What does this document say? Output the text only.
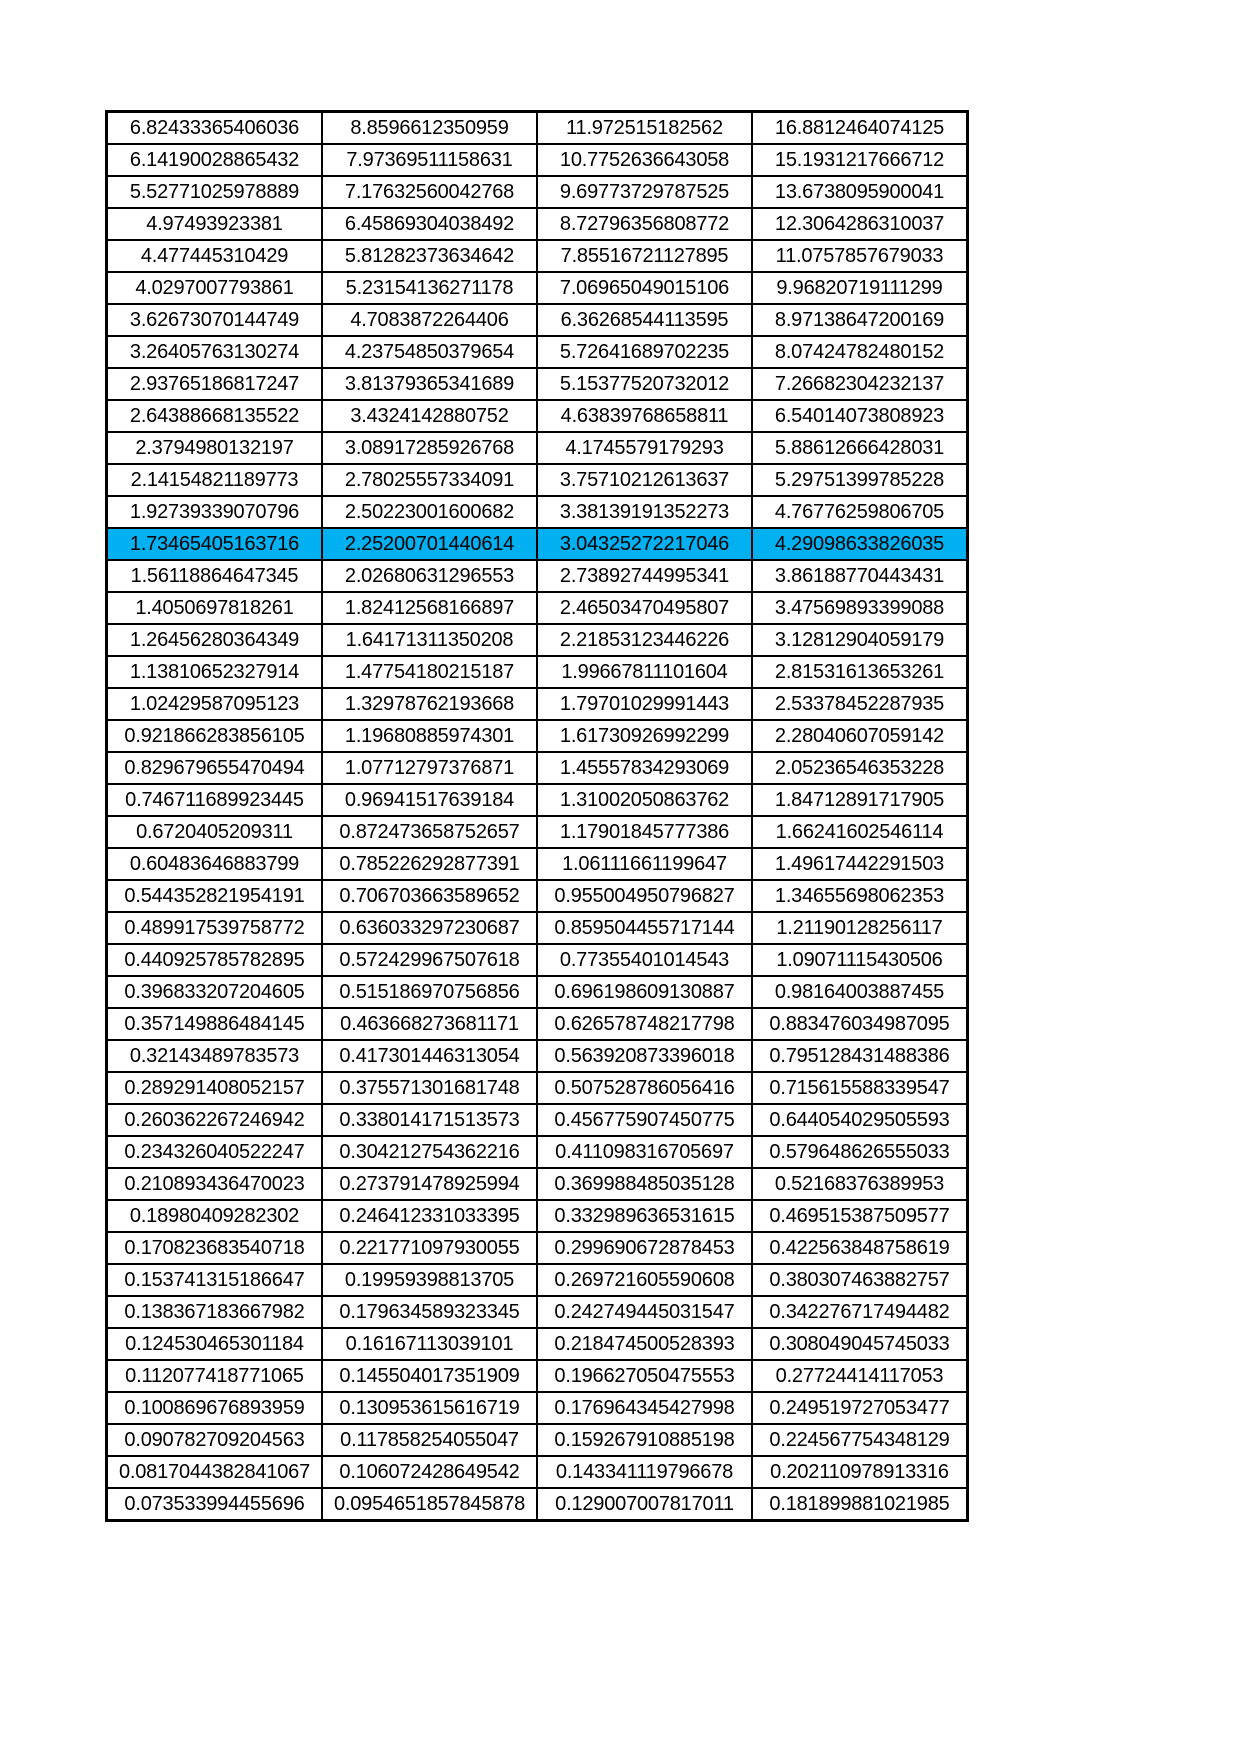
6.82433365406036	8.8596612350959	11.972515182562	16.8812464074125
6.14190028865432	7.97369511158631	10.7752636643058	15.1931217666712
5.52771025978889	7.17632560042768	9.69773729787525	13.6738095900041
4.97493923381	6.45869304038492	8.72796356808772	12.3064286310037
4.477445310429	5.81282373634642	7.85516721127895	11.0757857679033
4.0297007793861	5.23154136271178	7.06965049015106	9.96820719111299
3.62673070144749	4.7083872264406	6.36268544113595	8.97138647200169
3.26405763130274	4.23754850379654	5.72641689702235	8.07424782480152
2.93765186817247	3.81379365341689	5.15377520732012	7.26682304232137
2.64388668135522	3.4324142880752	4.63839768658811	6.54014073808923
2.3794980132197	3.08917285926768	4.1745579179293	5.88612666428031
2.14154821189773	2.78025557334091	3.75710212613637	5.29751399785228
1.92739339070796	2.50223001600682	3.38139191352273	4.76776259806705
1.73465405163716	2.25200701440614	3.04325272217046	4.29098633826035
1.56118864647345	2.02680631296553	2.73892744995341	3.86188770443431
1.4050697818261	1.82412568166897	2.46503470495807	3.47569893399088
1.26456280364349	1.64171311350208	2.21853123446226	3.12812904059179
1.13810652327914	1.47754180215187	1.99667811101604	2.81531613653261
1.02429587095123	1.32978762193668	1.79701029991443	2.53378452287935
0.921866283856105	1.19680885974301	1.61730926992299	2.28040607059142
0.829679655470494	1.07712797376871	1.45557834293069	2.05236546353228
0.746711689923445	0.96941517639184	1.31002050863762	1.84712891717905
0.6720405209311	0.872473658752657	1.17901845777386	1.66241602546114
0.60483646883799	0.785226292877391	1.06111661199647	1.49617442291503
0.544352821954191	0.706703663589652	0.955004950796827	1.34655698062353
0.489917539758772	0.636033297230687	0.859504455717144	1.21190128256117
0.440925785782895	0.572429967507618	0.77355401014543	1.09071115430506
0.396833207204605	0.515186970756856	0.696198609130887	0.98164003887455
0.357149886484145	0.463668273681171	0.626578748217798	0.883476034987095
0.32143489783573	0.417301446313054	0.563920873396018	0.795128431488386
0.289291408052157	0.375571301681748	0.507528786056416	0.715615588339547
0.260362267246942	0.338014171513573	0.456775907450775	0.644054029505593
0.234326040522247	0.304212754362216	0.411098316705697	0.579648626555033
0.210893436470023	0.273791478925994	0.369988485035128	0.52168376389953
0.18980409282302	0.246412331033395	0.332989636531615	0.469515387509577
0.170823683540718	0.221771097930055	0.299690672878453	0.422563848758619
0.153741315186647	0.19959398813705	0.269721605590608	0.380307463882757
0.138367183667982	0.179634589323345	0.242749445031547	0.342276717494482
0.124530465301184	0.16167113039101	0.218474500528393	0.308049045745033
0.112077418771065	0.145504017351909	0.196627050475553	0.27724414117053
0.100869676893959	0.130953615616719	0.176964345427998	0.249519727053477
0.090782709204563	0.117858254055047	0.159267910885198	0.224567754348129
0.0817044382841067	0.106072428649542	0.143341119796678	0.202110978913316
0.073533994455696	0.0954651857845878	0.129007007817011	0.181899881021985
